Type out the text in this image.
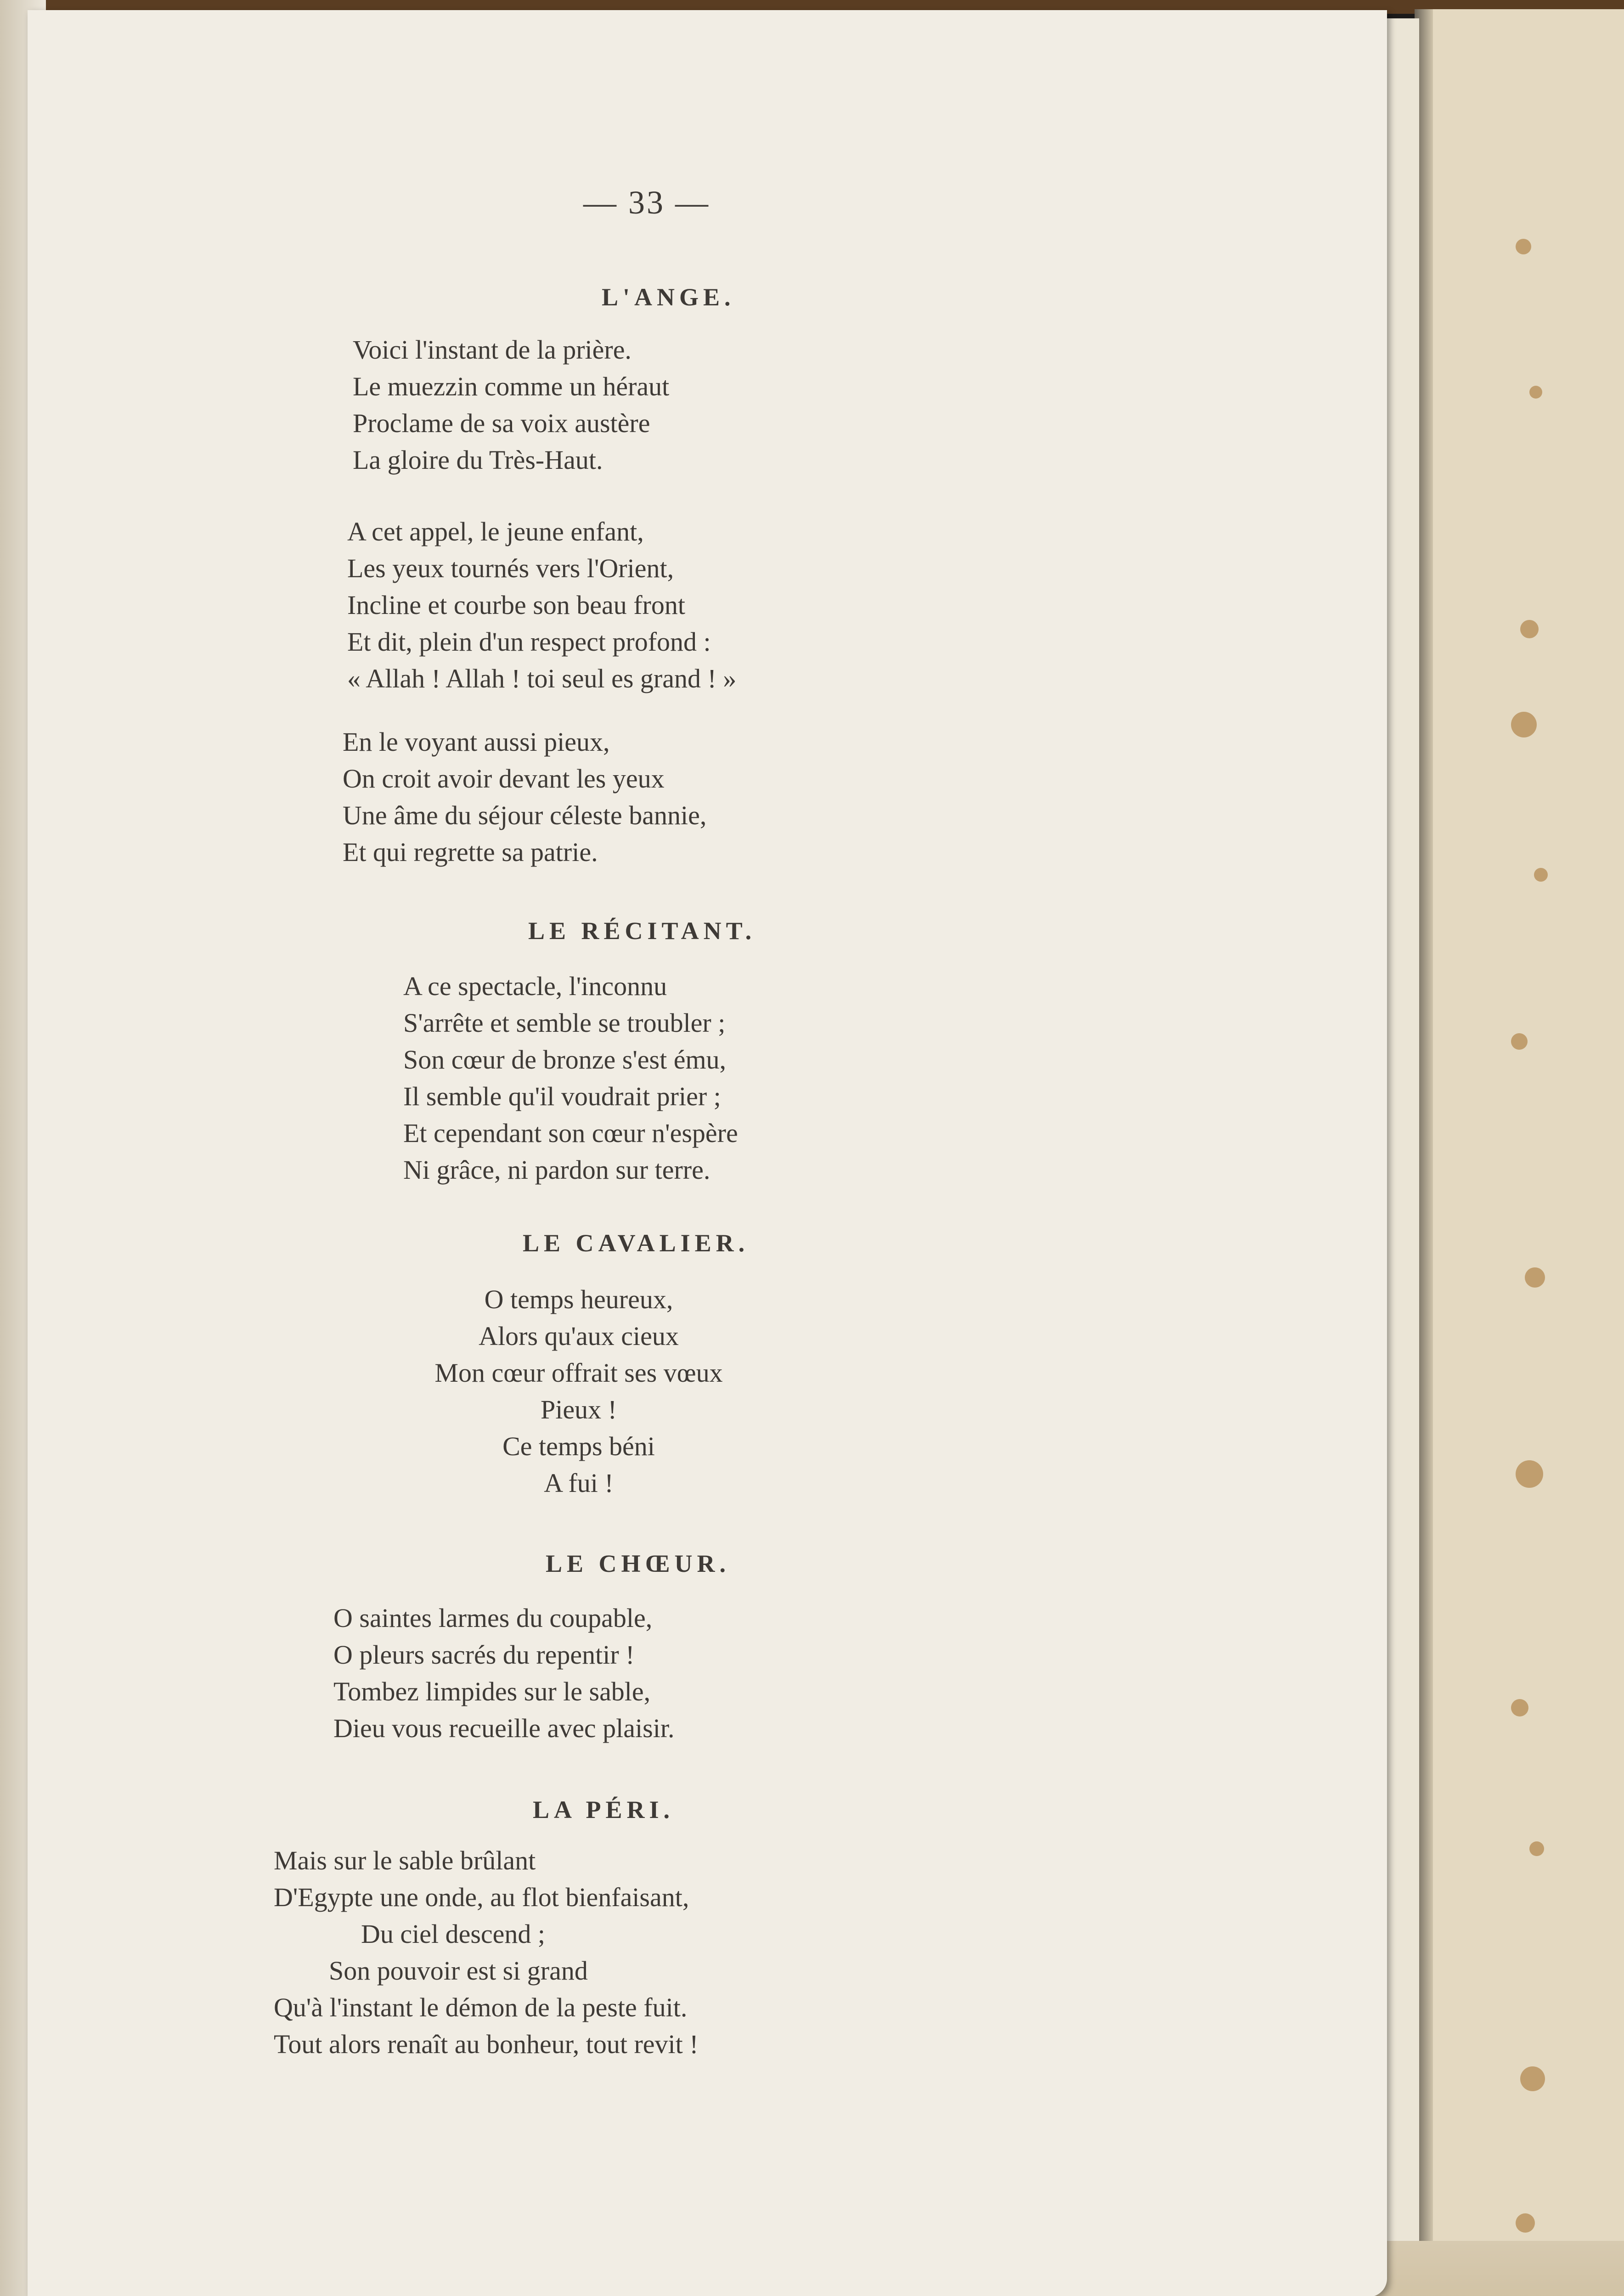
— 33 —
L'ANGE.
Voici l'instant de la prière.
Le muezzin comme un héraut
Proclame de sa voix austère
La gloire du Très-Haut.
A cet appel, le jeune enfant,
Les yeux tournés vers l'Orient,
Incline et courbe son beau front
Et dit, plein d'un respect profond :
« Allah ! Allah ! toi seul es grand ! »
En le voyant aussi pieux,
On croit avoir devant les yeux
Une âme du séjour céleste bannie,
Et qui regrette sa patrie.
LE RÉCITANT.
A ce spectacle, l'inconnu
S'arrête et semble se troubler ;
Son cœur de bronze s'est ému,
Il semble qu'il voudrait prier ;
Et cependant son cœur n'espère
Ni grâce, ni pardon sur terre.
LE CAVALIER.
O temps heureux,
Alors qu'aux cieux
Mon cœur offrait ses vœux
Pieux !
Ce temps béni
A fui !
LE CHŒUR.
O saintes larmes du coupable,
O pleurs sacrés du repentir !
Tombez limpides sur le sable,
Dieu vous recueille avec plaisir.
LA PÉRI.
Mais sur le sable brûlant
D'Egypte une onde, au flot bienfaisant,
Du ciel descend ;
Son pouvoir est si grand
Qu'à l'instant le démon de la peste fuit.
Tout alors renaît au bonheur, tout revit !
